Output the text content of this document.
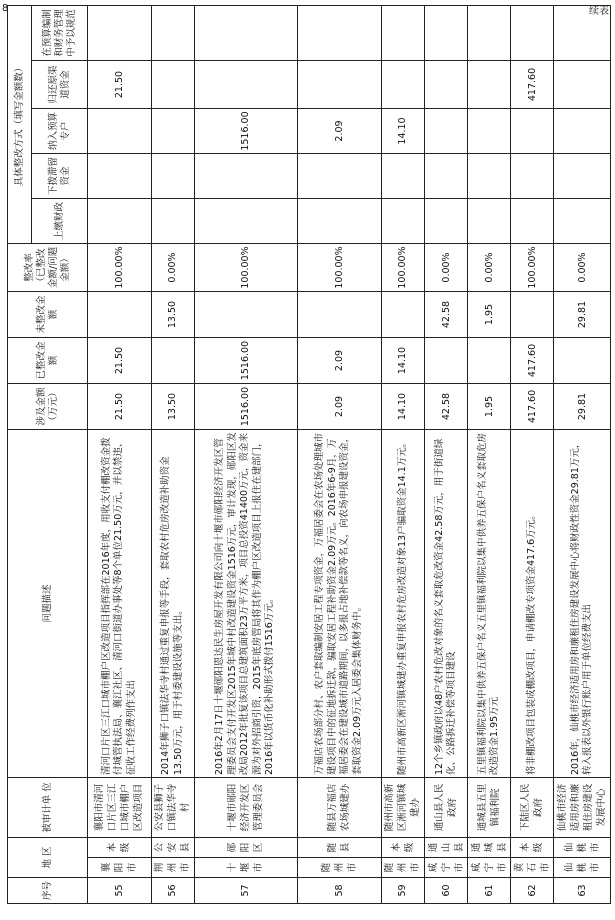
8	续表
序号	地 区		被审计单 位	问题描述	涉及金额（万元）	已整改金 额	未整改金 额	整改率（已整改金额/问题金额）	具体整改方式（填写金额数）				
									上缴财政	下拨滞留资金	纳入预算专户	归还原渠道资金	在预算编制和财务管理中予以规范
55	襄阳市	本级	襄阳市清河口片区三江口城市棚户区改造项目	清河口片区三江口城市棚户区改造项目指挥部在2016年度，用收支付棚改资金拨付城管执法局、襄江社区、清河口街道办事处等8个单位21.50万元，并以禁违、征收工作经费列作支出	21.50	21.50		100.00%				21.50	
56	荆州市	公安县	公安县狮子口镇法华寺村	2014年狮子口镇法华寺村通过重复申报等手段，套取农村危房改造补助资金13.50万元，用于村委建设设施等支出。	13.50		13.50	0.00%					
57	十堰市	郧阳区	十堰市郧阳经济开发区管理委员会	2016年2月17日十堰郧阳恩达民生房屋开发有限公司向十堰市郧阳经济开发区管理委员会支付开发区2015年城中村改造建设资金1516万元，审计发现，郧阳区发改局2012年批复该项目总建筑面积23万平方米，项目总投资41400万元，资金来源为对外招商引资，2015年底房管局将其作为棚户区改造项目上报住在建部门，2016年以货币化补助形式拨付1516万元。	1516.00	1516.00		100.00%			1516.00		
58	随州市	随县	随县万福店农场城建办	万福店农场部分村、农户套取编制安居工程专项资金，万福居委会在农场处理城市建设项目中的征地拆迁款，骗取安居工程补助资金2.09万元。2016年6-9月，万福居委会在建设城市道路期间，以多报占地补偿款等名义，向农场申报建设资金，套取资金2.09万元入居委会集体财务中。	2.09	2.09		100.00%			2.09		
59	随州市	本级	随州市高新区淅河镇城建办	随州市高新区淅河镇城建办重复申报农村危房改造对象13户骗取资金14.1万元。	14.10	14.10		100.00%			14.10		
60	咸宁市	通山县	通山县人民政府	12个乡镇政府以48户农村危改对象的名义套取危改资金42.58万元，用于街道绿化、公路拆迁补偿等项目建设	42.58		42.58	0.00%					
61	咸宁市	通城县	通城县五里镇福利院	五里镇福利院以集中供养五保户名义五里镇福利院以集中供养五保户名义套取危房改造资金1.95万元	1.95		1.95	0.00%					
62	黄石市	本级	下陆区人民政府	将非棚改项目包装成棚改项目，申请棚改专项资金417.6万元。	417.60	417.60		100.00%				417.60	
63	仙桃市	仙桃市	仙桃市经济适用房和廉租住房建设发展中心	2016年，仙桃市经济适用房和廉租住房建设发展中心将财政性资金29.81万元，转入报表以外银行账户用于单位经费支出	29.81		29.81	0.00%					
